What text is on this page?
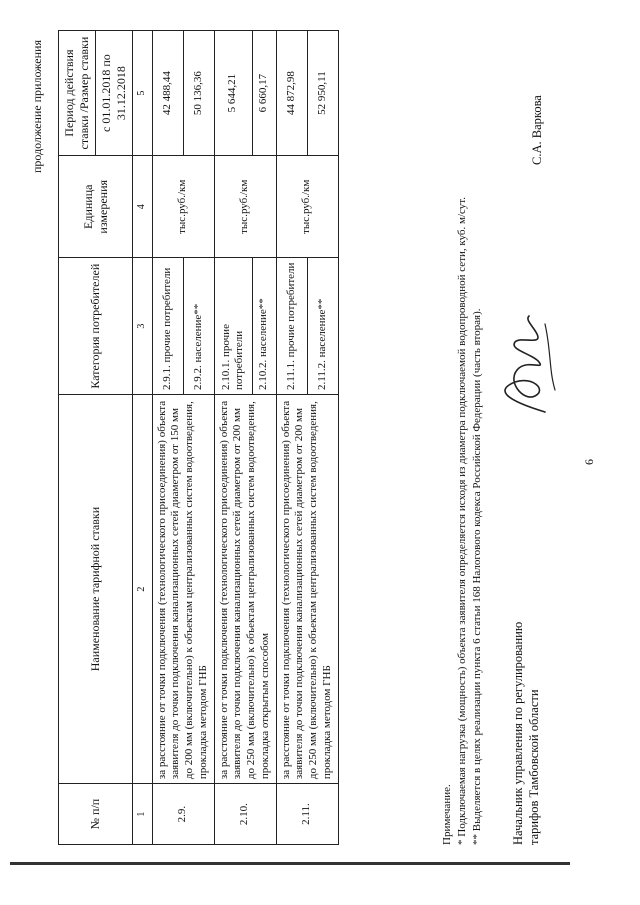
6
продолжение приложения
№ п/п	Наименование тарифной ставки	Категория потребителей	Единица измерения	Период действия ставки /Размер ставки
				с 01.01.2018 по 31.12.2018
1	2	3	4	5
2.9.	за расстояние от точки подключения (технологического присоединения) объекта заявителя до точки подключения канализационных сетей диаметром от 150 мм до 200 мм (включительно) к объектам централизованных систем водоотведения, прокладка методом ГНБ	2.9.1. прочие потребители	тыс.руб./км	42 488,44
		2.9.2. население**		50 136,36
2.10.	за расстояние от точки подключения (технологического присоединения) объекта заявителя до точки подключения канализационных сетей диаметром от 200 мм до 250 мм (включительно) к объектам централизованных систем водоотведения, прокладка открытым способом	2.10.1. прочие потребители	тыс.руб./км	5 644,21
		2.10.2. население**		6 660,17
2.11.	за расстояние от точки подключения (технологического присоединения) объекта заявителя до точки подключения канализационных сетей диаметром от 200 мм до 250 мм (включительно) к объектам централизованных систем водоотведения, прокладка методом ГНБ	2.11.1. прочие потребители	тыс.руб./км	44 872,98
		2.11.2. население**		52 950,11
Примечание. * Подключаемая нагрузка (мощность) объекта заявителя определяется исходя из диаметра подключаемой водопроводной сети, куб. м/сут. ** Выделяется в целях реализации пункта 6 статьи 168 Налогового кодекса Российской Федерации (часть вторая). Начальник управления по регулированию тарифов Тамбовской области
С.А. Варкова
